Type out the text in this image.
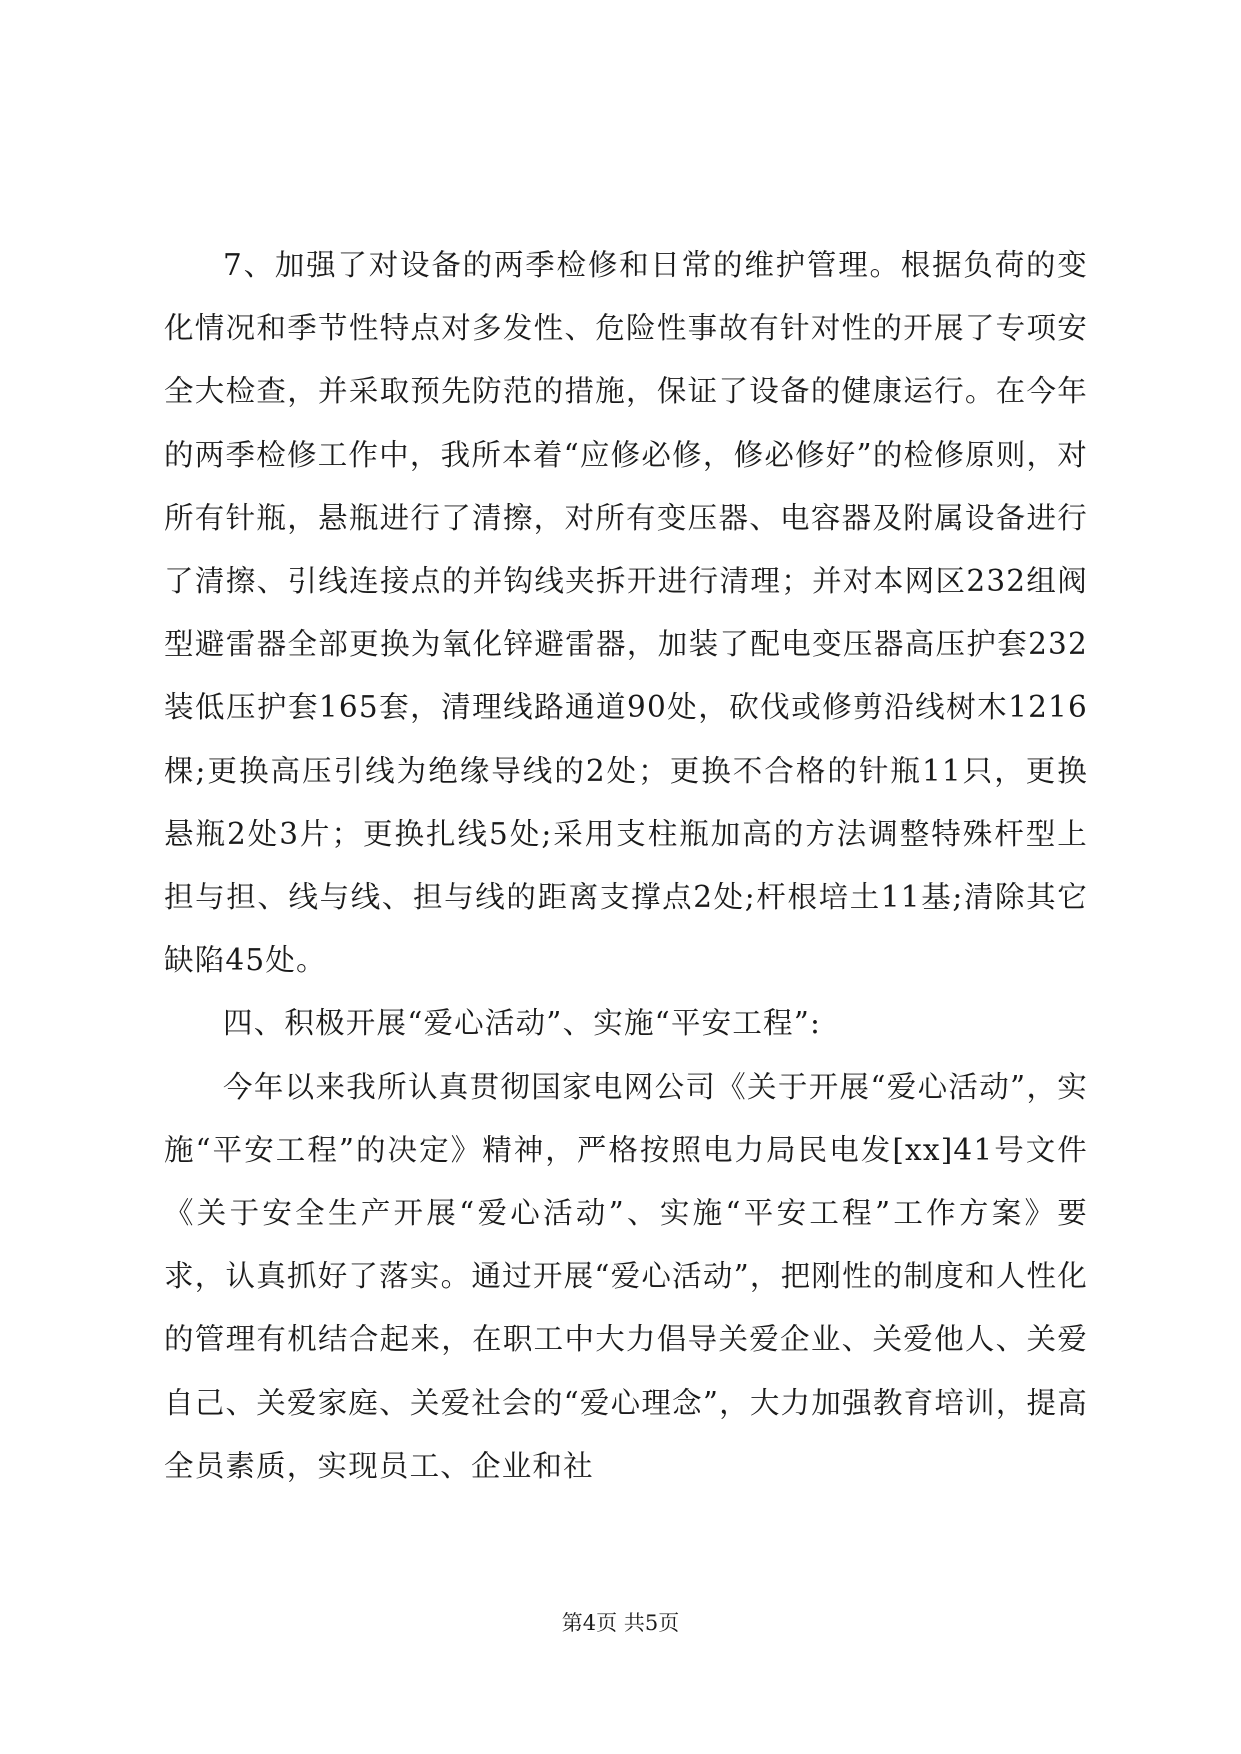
7、加强了对设备的两季检修和日常的维护管理。根据负荷的变化情况和季节性特点对多发性、危险性事故有针对性的开展了专项安全大检查，并采取预先防范的措施，保证了设备的健康运行。在今年的两季检修工作中，我所本着“应修必修，修必修好”的检修原则，对所有针瓶，悬瓶进行了清擦，对所有变压器、电容器及附属设备进行了清擦、引线连接点的并钩线夹拆开进行清理；并对本网区232组阀型避雷器全部更换为氧化锌避雷器，加装了配电变压器高压护套232装低压护套165套，清理线路通道90处，砍伐或修剪沿线树木1216棵;更换高压引线为绝缘导线的2处；更换不合格的针瓶11只，更换悬瓶2处3片；更换扎线5处;采用支柱瓶加高的方法调整特殊杆型上担与担、线与线、担与线的距离支撑点2处;杆根培土11基;清除其它缺陷45处。

四、积极开展“爱心活动”、实施“平安工程”:

今年以来我所认真贯彻国家电网公司《关于开展“爱心活动”，实施“平安工程”的决定》精神，严格按照电力局民电发[xx]41号文件《关于安全生产开展“爱心活动”、实施“平安工程”工作方案》要求，认真抓好了落实。通过开展“爱心活动”，把刚性的制度和人性化的管理有机结合起来，在职工中大力倡导关爱企业、关爱他人、关爱自己、关爱家庭、关爱社会的“爱心理念”，大力加强教育培训，提高全员素质，实现员工、企业和社

第4页 共5页
